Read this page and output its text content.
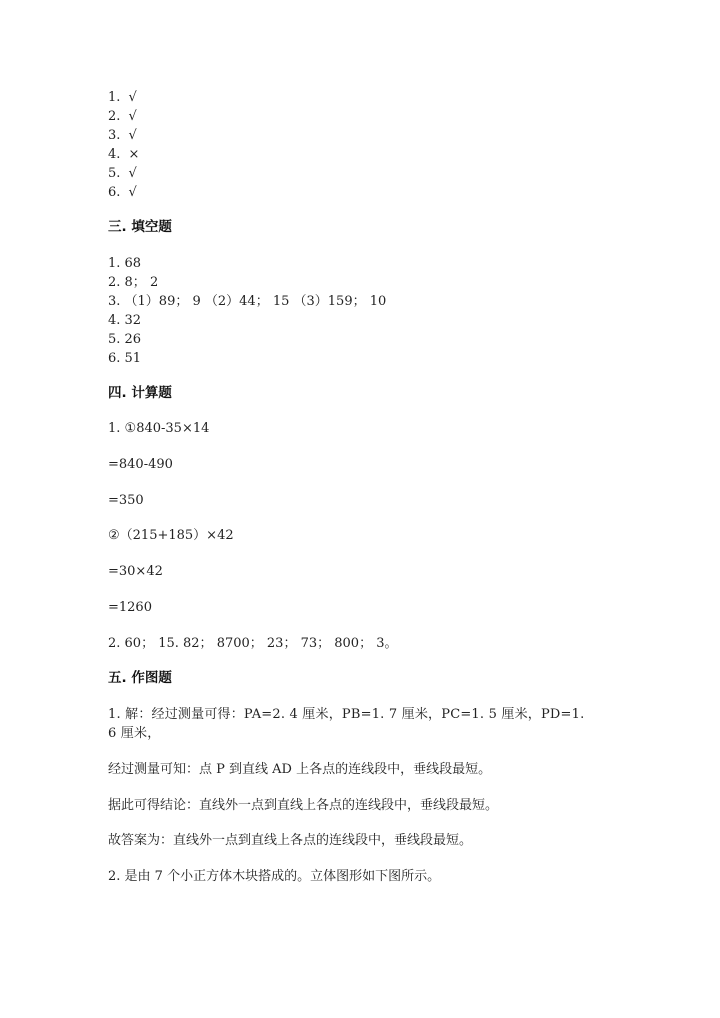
1. √
2. √
3. √
4. ×
5. √
6. √
三. 填空题
1. 68
2. 8； 2
3. （1）89； 9 （2）44； 15 （3）159； 10
4. 32
5. 26
6. 51
四. 计算题
1. ①840-35×14
=840-490
=350
②（215+185）×42
=30×42
=1260
2. 60； 15. 82； 8700； 23； 73； 800； 3。
五. 作图题
1. 解：经过测量可得：PA=2. 4 厘米，PB=1. 7 厘米，PC=1. 5 厘米，PD=1. 6 厘米，
经过测量可知：点 P 到直线 AD 上各点的连线段中，垂线段最短。
据此可得结论：直线外一点到直线上各点的连线段中，垂线段最短。
故答案为：直线外一点到直线上各点的连线段中，垂线段最短。
2. 是由 7 个小正方体木块搭成的。立体图形如下图所示。
